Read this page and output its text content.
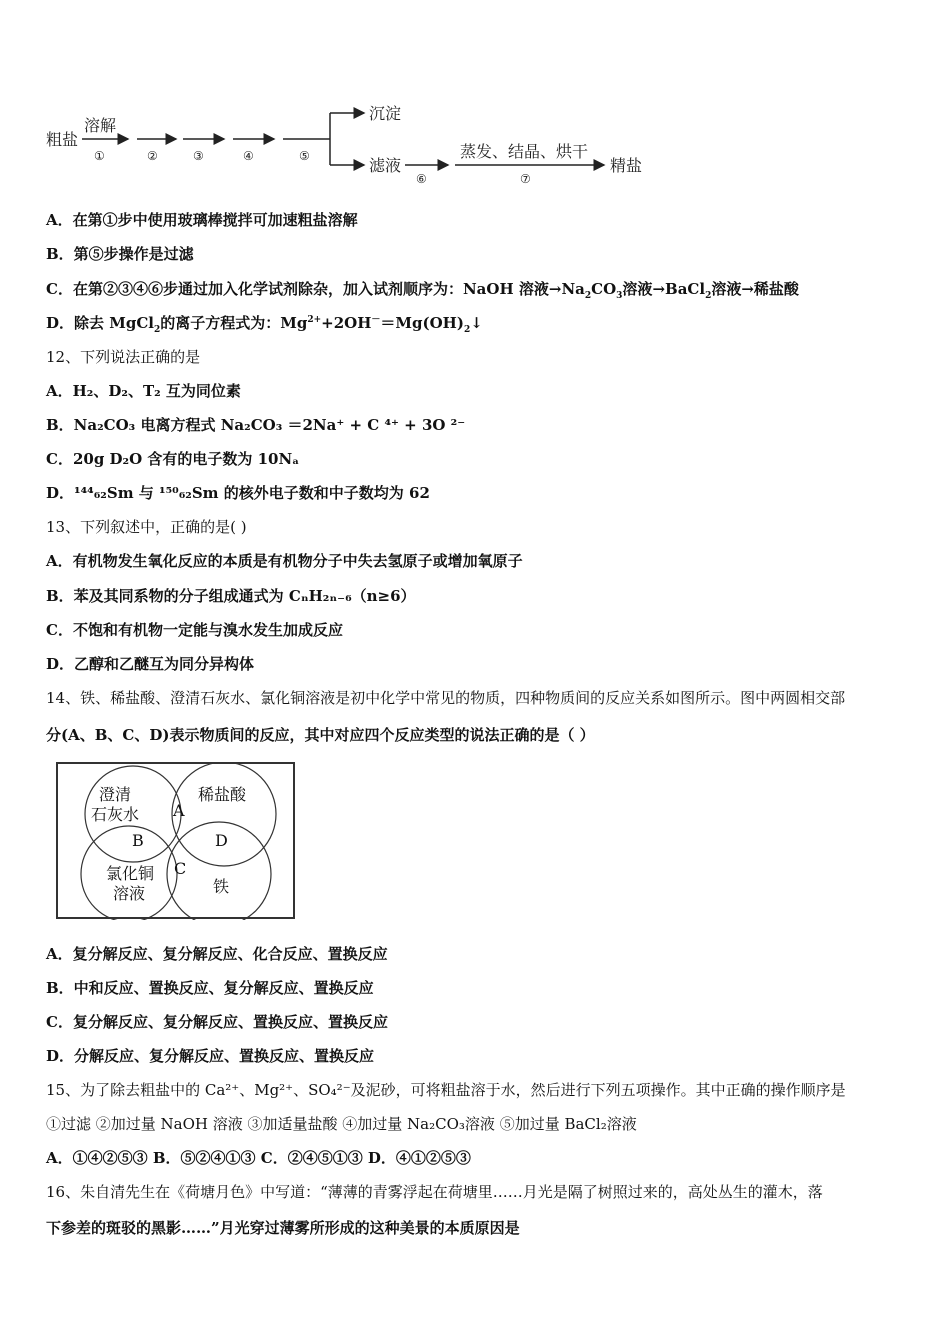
粗盐
溶解
①	②	③	④	⑤
沉淀
滤液
⑥
蒸发、结晶、烘干
⑦
精盐
A．在第①步中使用玻璃棒搅拌可加速粗盐溶解
B．第⑤步操作是过滤
C．在第②③④⑥步通过加入化学试剂除杂，加入试剂顺序为：NaOH 溶液$\to Na_2CO_3$溶液→BaCl$_2$溶液→稀盐酸
D．除去 MgCl$_2$的离子方程式为：$Mg^{2+}+2OH^-=Mg(OH)_2↓$
12、下列说法正确的是
A．H₂、D₂、T₂ 互为同位素
B．Na₂CO₃ 电离方程式 Na₂CO₃ ＝2Na⁺ + C ⁴⁺ + 3O ²⁻
C．20g D₂O 含有的电子数为 10Nₐ
D．¹⁴⁴₆₂Sm 与 ¹⁵⁰₆₂Sm 的核外电子数和中子数均为 62
13、下列叙述中，正确的是( )
A．有机物发生氧化反应的本质是有机物分子中失去氢原子或增加氧原子
B．苯及其同系物的分子组成通式为 CₙH₂ₙ₋₆（n≥6）
C．不饱和有机物一定能与溴水发生加成反应
D．乙醇和乙醚互为同分异构体
14、铁、稀盐酸、澄清石灰水、氯化铜溶液是初中化学中常见的物质，四种物质间的反应关系如图所示。图中两圆相交部
分(A、B、C、D)表示物质间的反应，其中对应四个反应类型的说法正确的是（ ）
澄清
石灰水
稀盐酸
氯化铜
溶液	铁
A
B
C
D
A．复分解反应、复分解反应、化合反应、置换反应
B．中和反应、置换反应、复分解反应、置换反应
C．复分解反应、复分解反应、置换反应、置换反应
D．分解反应、复分解反应、置换反应、置换反应
15、为了除去粗盐中的 Ca²⁺、Mg²⁺、SO₄²⁻及泥砂，可将粗盐溶于水，然后进行下列五项操作。其中正确的操作顺序是
①过滤 ②加过量 NaOH 溶液 ③加适量盐酸 ④加过量 Na₂CO₃溶液 ⑤加过量 BaCl₂溶液
A．①④②⑤③ B．⑤②④①③ C．②④⑤①③ D．④①②⑤③
16、朱自清先生在《荷塘月色》中写道：“薄薄的青雾浮起在荷塘里……月光是隔了树照过来的，高处丛生的灌木，落
下参差的斑驳的黑影……”月光穿过薄雾所形成的这种美景的本质原因是
